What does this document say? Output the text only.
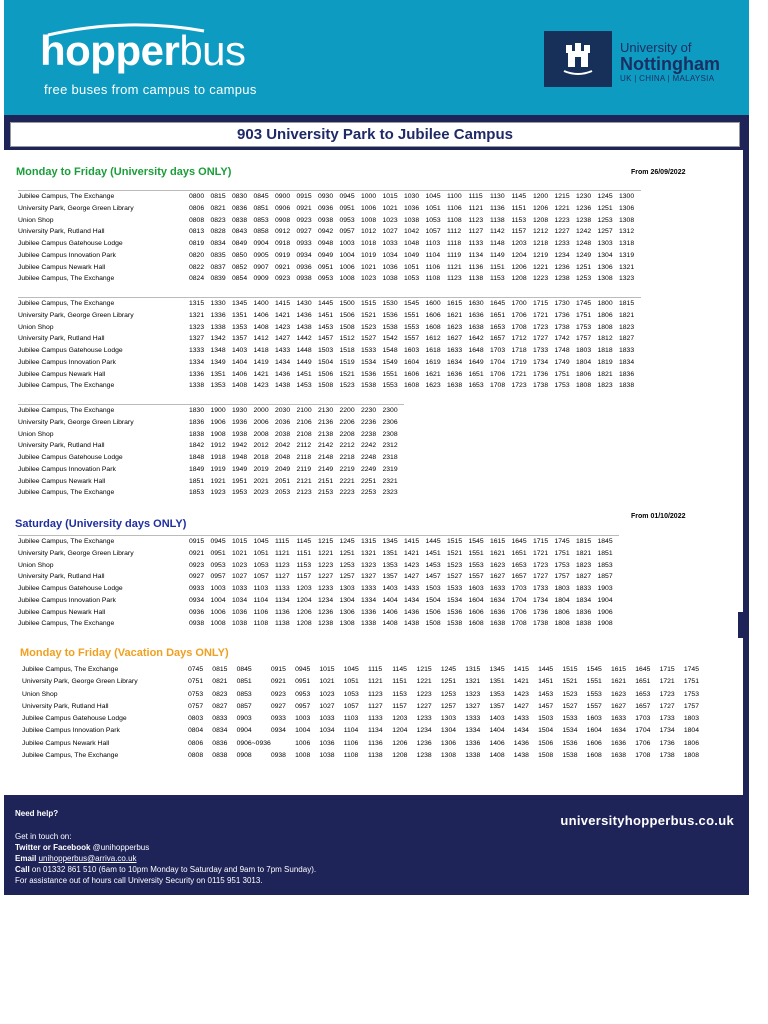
hopperbus
free buses from campus to campus
University of
Nottingham
UK | CHINA | MALAYSIA
903 University Park to Jubilee Campus
Monday to Friday (University days ONLY)	From 26/09/2022
Jubilee Campus, The Exchange	0800	0815	0830	0845	0900	0915	0930	0945	1000	1015	1030	1045	1100	1115	1130	1145	1200	1215	1230	1245	1300
University Park, George Green Library	0806	0821	0836	0851	0906	0921	0936	0951	1006	1021	1036	1051	1106	1121	1136	1151	1206	1221	1236	1251	1306
Union Shop	0808	0823	0838	0853	0908	0923	0938	0953	1008	1023	1038	1053	1108	1123	1138	1153	1208	1223	1238	1253	1308
University Park, Rutland Hall	0813	0828	0843	0858	0912	0927	0942	0957	1012	1027	1042	1057	1112	1127	1142	1157	1212	1227	1242	1257	1312
Jubilee Campus Gatehouse Lodge	0819	0834	0849	0904	0918	0933	0948	1003	1018	1033	1048	1103	1118	1133	1148	1203	1218	1233	1248	1303	1318
Jubilee Campus Innovation Park	0820	0835	0850	0905	0919	0934	0949	1004	1019	1034	1049	1104	1119	1134	1149	1204	1219	1234	1249	1304	1319
Jubilee Campus Newark Hall	0822	0837	0852	0907	0921	0936	0951	1006	1021	1036	1051	1106	1121	1136	1151	1206	1221	1236	1251	1306	1321
Jubilee Campus, The Exchange	0824	0839	0854	0909	0923	0938	0953	1008	1023	1038	1053	1108	1123	1138	1153	1208	1223	1238	1253	1308	1323
Jubilee Campus, The Exchange	1315	1330	1345	1400	1415	1430	1445	1500	1515	1530	1545	1600	1615	1630	1645	1700	1715	1730	1745	1800	1815
University Park, George Green Library	1321	1336	1351	1406	1421	1436	1451	1506	1521	1536	1551	1606	1621	1636	1651	1706	1721	1736	1751	1806	1821
Union Shop	1323	1338	1353	1408	1423	1438	1453	1508	1523	1538	1553	1608	1623	1638	1653	1708	1723	1738	1753	1808	1823
University Park, Rutland Hall	1327	1342	1357	1412	1427	1442	1457	1512	1527	1542	1557	1612	1627	1642	1657	1712	1727	1742	1757	1812	1827
Jubilee Campus Gatehouse Lodge	1333	1348	1403	1418	1433	1448	1503	1518	1533	1548	1603	1618	1633	1648	1703	1718	1733	1748	1803	1818	1833
Jubilee Campus Innovation Park	1334	1349	1404	1419	1434	1449	1504	1519	1534	1549	1604	1619	1634	1649	1704	1719	1734	1749	1804	1819	1834
Jubilee Campus Newark Hall	1336	1351	1406	1421	1436	1451	1506	1521	1536	1551	1606	1621	1636	1651	1706	1721	1736	1751	1806	1821	1836
Jubilee Campus, The Exchange	1338	1353	1408	1423	1438	1453	1508	1523	1538	1553	1608	1623	1638	1653	1708	1723	1738	1753	1808	1823	1838
Jubilee Campus, The Exchange	1830	1900	1930	2000	2030	2100	2130	2200	2230	2300
University Park, George Green Library	1836	1906	1936	2006	2036	2106	2136	2206	2236	2306
Union Shop	1838	1908	1938	2008	2038	2108	2138	2208	2238	2308
University Park, Rutland Hall	1842	1912	1942	2012	2042	2112	2142	2212	2242	2312
Jubilee Campus Gatehouse Lodge	1848	1918	1948	2018	2048	2118	2148	2218	2248	2318
Jubilee Campus Innovation Park	1849	1919	1949	2019	2049	2119	2149	2219	2249	2319
Jubilee Campus Newark Hall	1851	1921	1951	2021	2051	2121	2151	2221	2251	2321
Jubilee Campus, The Exchange	1853	1923	1953	2023	2053	2123	2153	2223	2253	2323
Saturday (University days ONLY)
From 01/10/2022
Jubilee Campus, The Exchange	0915	0945	1015	1045	1115	1145	1215	1245	1315	1345	1415	1445	1515	1545	1615	1645	1715	1745	1815	1845
University Park, George Green Library	0921	0951	1021	1051	1121	1151	1221	1251	1321	1351	1421	1451	1521	1551	1621	1651	1721	1751	1821	1851
Union Shop	0923	0953	1023	1053	1123	1153	1223	1253	1323	1353	1423	1453	1523	1553	1623	1653	1723	1753	1823	1853
University Park, Rutland Hall	0927	0957	1027	1057	1127	1157	1227	1257	1327	1357	1427	1457	1527	1557	1627	1657	1727	1757	1827	1857
Jubilee Campus Gatehouse Lodge	0933	1003	1033	1103	1133	1203	1233	1303	1333	1403	1433	1503	1533	1603	1633	1703	1733	1803	1833	1903
Jubilee Campus Innovation Park	0934	1004	1034	1104	1134	1204	1234	1304	1334	1404	1434	1504	1534	1604	1634	1704	1734	1804	1834	1904
Jubilee Campus Newark Hall	0936	1006	1036	1106	1136	1206	1236	1306	1336	1406	1436	1506	1536	1606	1636	1706	1736	1806	1836	1906
Jubilee Campus, The Exchange	0938	1008	1038	1108	1138	1208	1238	1308	1338	1408	1438	1508	1538	1608	1638	1708	1738	1808	1838	1908
Monday to Friday (Vacation Days ONLY)
Jubilee Campus, The Exchange	0745	0815	0845	0915	0945	1015	1045	1115	1145	1215	1245	1315	1345	1415	1445	1515	1545	1615	1645	1715	1745
University Park, George Green Library	0751	0821	0851	0921	0951	1021	1051	1121	1151	1221	1251	1321	1351	1421	1451	1521	1551	1621	1651	1721	1751
Union Shop	0753	0823	0853	0923	0953	1023	1053	1123	1153	1223	1253	1323	1353	1423	1453	1523	1553	1623	1653	1723	1753
University Park, Rutland Hall	0757	0827	0857	0927	0957	1027	1057	1127	1157	1227	1257	1327	1357	1427	1457	1527	1557	1627	1657	1727	1757
Jubilee Campus Gatehouse Lodge	0803	0833	0903	0933	1003	1033	1103	1133	1203	1233	1303	1333	1403	1433	1503	1533	1603	1633	1703	1733	1803
Jubilee Campus Innovation Park	0804	0834	0904	0934	1004	1034	1104	1134	1204	1234	1304	1334	1404	1434	1504	1534	1604	1634	1704	1734	1804
Jubilee Campus Newark Hall	0806	0836	0906~0936		1006	1036	1106	1136	1206	1236	1306	1336	1406	1436	1506	1536	1606	1636	1706	1736	1806
Jubilee Campus, The Exchange	0808	0838	0908	0938	1008	1038	1108	1138	1208	1238	1308	1338	1408	1438	1508	1538	1608	1638	1708	1738	1808
Need help?
Get in touch on:
Twitter or Facebook @unihopperbus
Email unihopperbus@arriva.co.uk
Call on 01332 861 510 (6am to 10pm Monday to Saturday and 9am to 7pm Sunday).
For assistance out of hours call University Security on 0115 951 3013.
universityhopperbus.co.uk
